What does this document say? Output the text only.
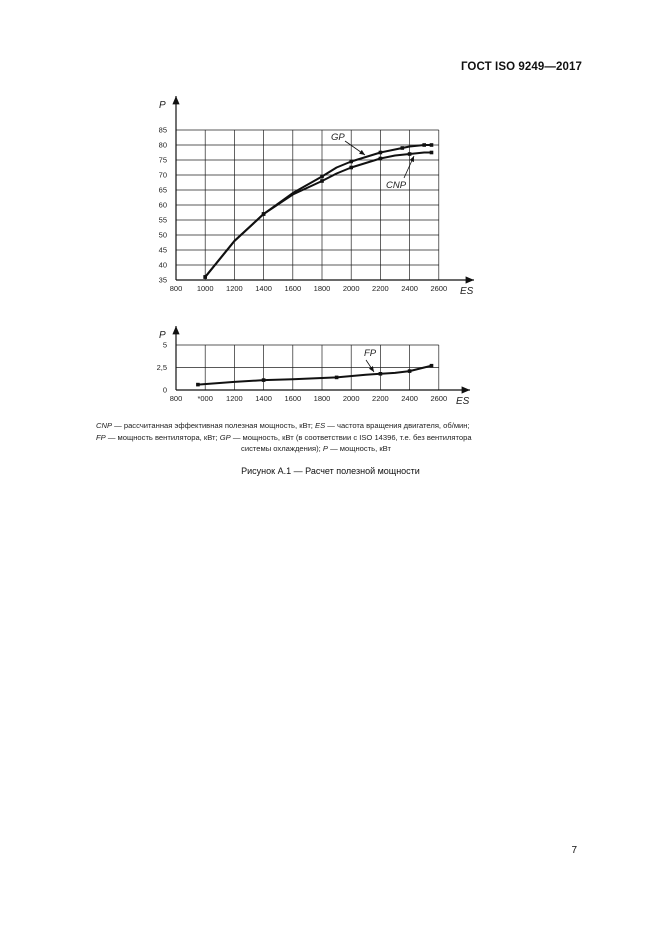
ГОСТ ISO 9249—2017
800 1000 1200 1400 1600 1800 2000 2200 2400 2600
35
40
45
50
55
60
65
70
75
80
85
P
ES
GP
CNP
800 *000 1200 1400 1600 1800 2000 2200 2400 2600
0
2,5
5
P
ES
FP
CNP — рассчитанная эффективная полезная мощность, кВт; ES — частота вращения двигателя, об/мин;
FP — мощность вентилятора, кВт; GP — мощность, кВт (в соответствии с ISO 14396, т.е. без вентилятора
системы охлаждения); P — мощность, кВт
Рисунок А.1 — Расчет полезной мощности
7
